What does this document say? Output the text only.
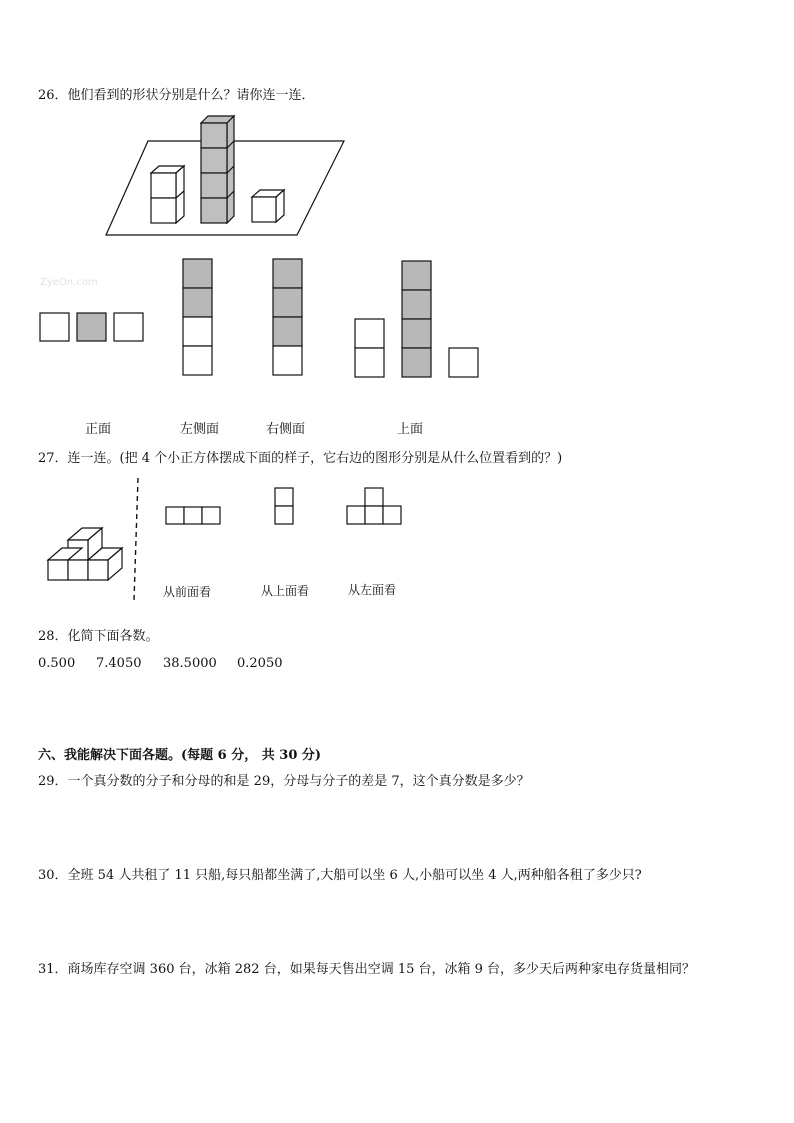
26．他们看到的形状分别是什么？请你连一连．
ZyeOn.com
正面	左侧面	右侧面	上面
27．连一连。(把 4 个小正方体摆成下面的样子，它右边的图形分别是从什么位置看到的？)
从前面看	从上面看	从左面看
28．化简下面各数。
0.500 7.4050 38.5000 0.2050
六、我能解决下面各题。(每题 6 分， 共 30 分)
29．一个真分数的分子和分母的和是 29，分母与分子的差是 7，这个真分数是多少？
30．全班 54 人共租了 11 只船,每只船都坐满了,大船可以坐 6 人,小船可以坐 4 人,两种船各租了多少只?
31．商场库存空调 360 台，冰箱 282 台，如果每天售出空调 15 台，冰箱 9 台，多少天后两种家电存货量相同？
